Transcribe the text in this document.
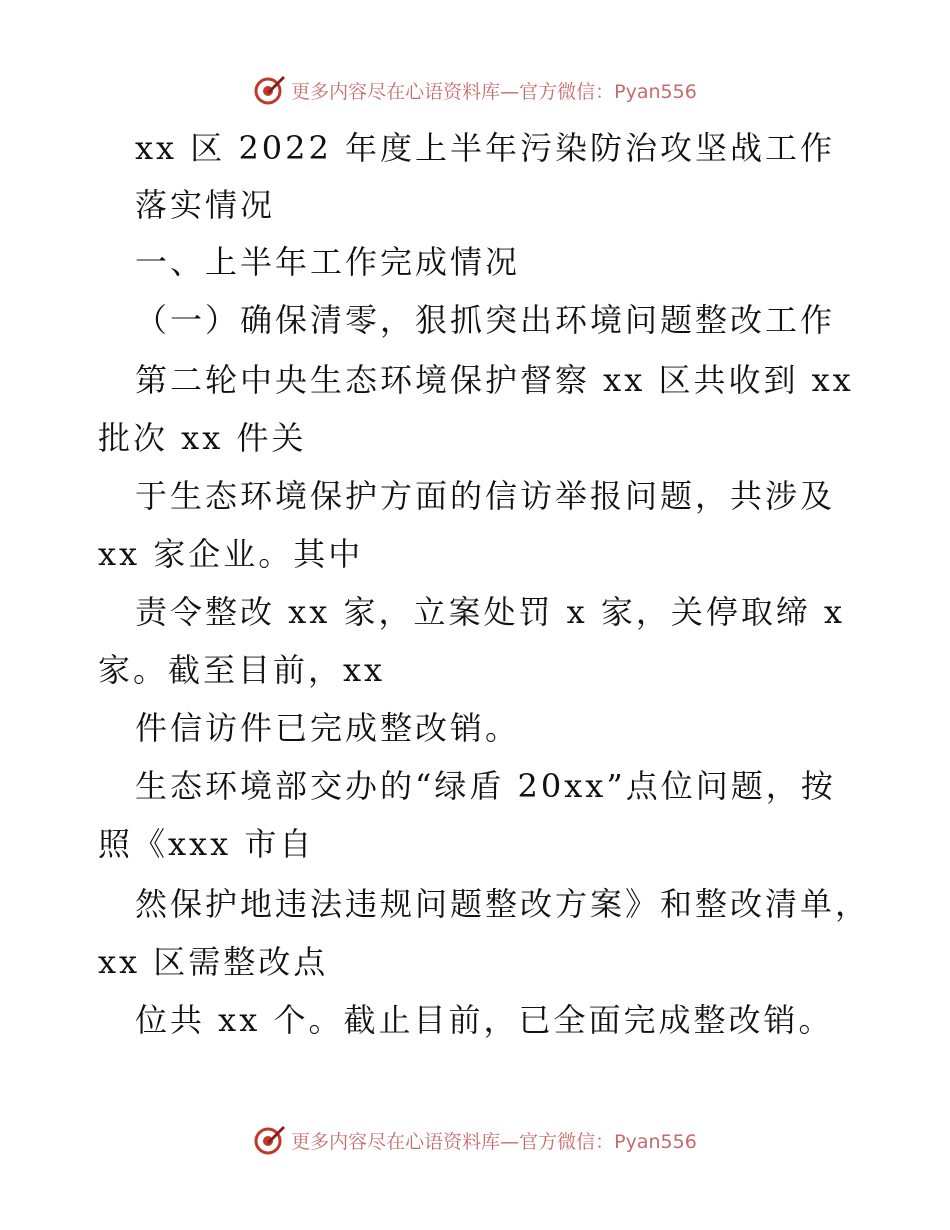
更多内容尽在心语资料库—官方微信：Pyan556
xx 区 2022 年度上半年污染防治攻坚战工作
落实情况
一、上半年工作完成情况
（一）确保清零，狠抓突出环境问题整改工作
第二轮中央生态环境保护督察 xx 区共收到 xx
批次 xx 件关
于生态环境保护方面的信访举报问题，共涉及
xx 家企业。其中
责令整改 xx 家，立案处罚 x 家，关停取缔 x
家。截至目前，xx
件信访件已完成整改销。
生态环境部交办的“绿盾 20xx”点位问题，按
照《xxx 市自
然保护地违法违规问题整改方案》和整改清单，
xx 区需整改点
位共 xx 个。截止目前，已全面完成整改销。
更多内容尽在心语资料库—官方微信：Pyan556
